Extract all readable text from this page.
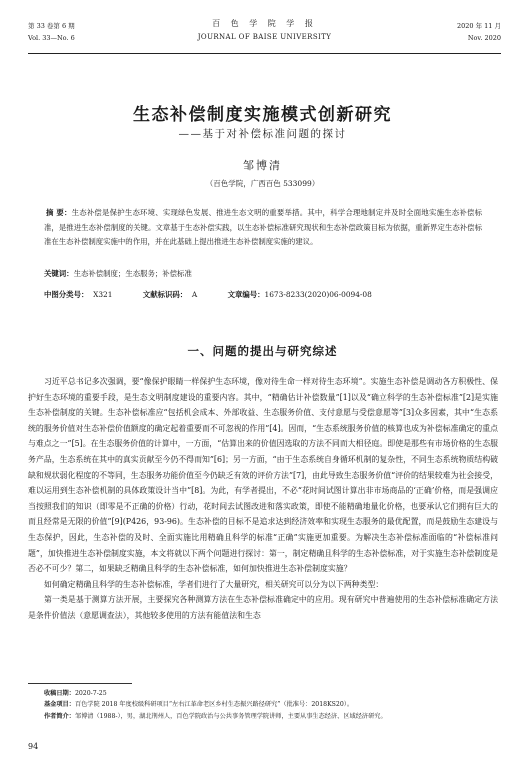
第 33 卷第 6 期
Vol. 33—No. 6
百 色 学 院 学 报
JOURNAL OF BAISE UNIVERSITY
2020 年 11 月
Nov. 2020
生态补偿制度实施模式创新研究
——基于对补偿标准问题的探讨
邹博清
（百色学院，广西百色 533099）
摘 要：生态补偿是保护生态环境、实现绿色发展、推进生态文明的重要举措。其中，科学合理地制定并及时全面地实施生态补偿标准，是推进生态补偿制度的关键。文章基于生态补偿实践，以生态补偿标准研究现状和生态补偿政策目标为依据，重新界定生态补偿标准在生态补偿制度实施中的作用，并在此基础上提出推进生态补偿制度实施的建议。
关键词：生态补偿制度；生态服务；补偿标准
中图分类号： X321	文献标识码： A	文章编号：1673-8233(2020)06-0094-08
一、问题的提出与研究综述

习近平总书记多次强调，要“像保护眼睛一样保护生态环境，像对待生命一样对待生态环境”。实施生态补偿是调动各方积极性、保护好生态环境的重要手段，是生态文明制度建设的重要内容。其中，“精确估计补偿数量”[1]以及“确立科学的生态补偿标准”[2]是实施生态补偿制度的关键。生态补偿标准应“包括机会成本、外部收益、生态服务价值、支付意愿与受偿意愿等”[3]众多因素，其中“生态系统的服务价值对生态补偿价值额度的确定起着重要而不可忽视的作用”[4]。因而，“生态系统服务价值的核算也成为补偿标准确定的重点与难点之一”[5]。在生态服务价值的计算中，一方面，“估算出来的价值因选取的方法不同而大相径庭。即使是那些有市场价格的生态服务产品，生态系统在其中的真实贡献至今仍不得而知”[6]；另一方面，“由于生态系统自身循环机制的复杂性，不同生态系统物质结构破缺和规状弱化程度的不等同，生态服务功能价值至今仍缺乏有效的评价方法”[7]，由此导致生态服务价值“评价的结果较难为社会接受，难以运用到生态补偿机制的具体政策设计当中”[8]。为此，有学者提出，不必“花时间试图计算出非市场商品的‘正确’价格，而是强调应当按照我们的知识（即零是不正确的价格）行动，花时间去试图改进和落实政策，即使不能精确地量化价格，也要承认它们拥有巨大的而且经常是无限的价值”[9](P426，93-96)。生态补偿的目标不是追求达到经济效率和实现生态服务的最优配置，而是鼓励生态建设与生态保护，因此，生态补偿的及时、全面实施比用精确且科学的标准“正确”实施更加重要。为解决生态补偿标准面临的“补偿标准问题”，加快推进生态补偿制度实施，本文将就以下两个问题进行探讨：第一，制定精确且科学的生态补偿标准，对于实施生态补偿制度是否必不可少？第二，如果缺乏精确且科学的生态补偿标准，如何加快推进生态补偿制度实施？

如何确定精确且科学的生态补偿标准，学者们进行了大量研究，相关研究可以分为以下两种类型：

第一类是基于测算方法开展，主要探究各种测算方法在生态补偿标准确定中的应用。现有研究中普遍使用的生态补偿标准确定方法是条件价值法（意愿调查法），其他较多使用的方法有能值法和生态

收稿日期：2020-7-25
基金项目：百色学院 2018 年度校级科研项目“左右江革命老区乡村生态振兴路径研究”（批准号：2018KS20）。
作者简介：邹博清（1988-），男，湖北荆州人，百色学院政治与公共事务管理学院讲师，主要从事生态经济、区域经济研究。
94
